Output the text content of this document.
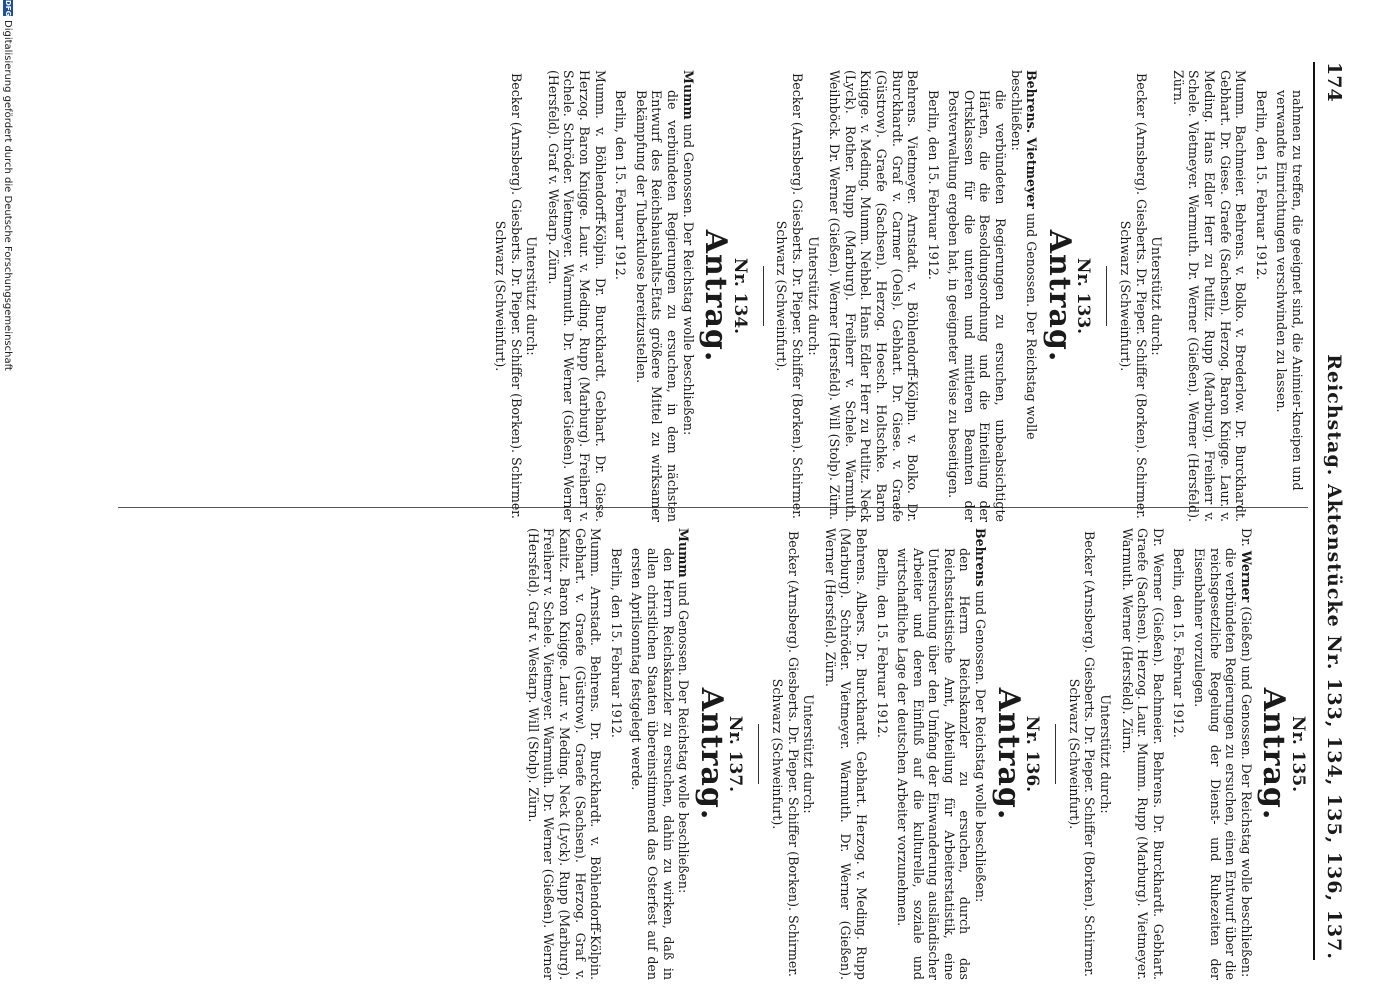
174
Reichstag. Aktenstücke Nr. 133, 134, 135, 136, 137.

nahmen zu treffen, die geeignet sind, die Animier-kneipen und verwandte Einrichtungen verschwinden zu lassen.

Berlin, den 15. Februar 1912.

Mumm. Bachmeier. Behrens. v. Bolko. v. Brederlow. Dr. Burckhardt. Gebhart. Dr. Giese. Graefe (Sachsen). Herzog. Baron Knigge. Laur. v. Meding. Hans Edler Herr zu Putlitz. Rupp (Marburg). Freiherr v. Schele. Vietmeyer. Warmuth. Dr. Werner (Gießen). Werner (Hersfeld). Zürn.

Unterstützt durch:

Becker (Arnsberg). Giesberts. Dr. Pieper. Schiffer (Borken). Schirmer. Schwarz (Schweinfurt).

Nr. 133.

Antrag.

Behrens. Vietmeyer und Genossen. Der Reichstag wolle beschließen:

die verbündeten Regierungen zu ersuchen, unbeabsichtigte Härten, die die Besoldungsordnung und die Einteilung der Ortsklassen für die unteren und mittleren Beamten der Postverwaltung ergeben hat, in geeigneter Weise zu beseitigen.

Berlin, den 15. Februar 1912.

Behrens. Vietmeyer. Arnstadt. v. Böhlendorff-Kölpin. v. Bolko. Dr. Burckhardt. Graf v. Carmer (Oels). Gebhart. Dr. Giese. v. Graefe (Güstrow). Graefe (Sachsen). Herzog. Hoesch. Holtschke. Baron Knigge. v. Meding. Mumm. Nehbel. Hans Edler Herr zu Putlitz. Neck (Lyck). Rother. Rupp (Marburg). Freiherr v. Schele. Warmuth. Weilnböck. Dr. Werner (Gießen). Werner (Hersfeld). Will (Stolp). Zürn.

Unterstützt durch:

Becker (Arnsberg). Giesberts. Dr. Pieper. Schiffer (Borken). Schirmer. Schwarz (Schweinfurt).

Nr. 134.

Antrag.

Mumm und Genossen. Der Reichstag wolle beschließen:

die verbündeten Regierungen zu ersuchen, in dem nächsten Entwurf des Reichshaushalts-Etats größere Mittel zu wirksamer Bekämpfung der Tuberkulose bereitzustellen.

Berlin, den 15. Februar 1912.

Mumm. v. Böhlendorff-Kölpin. Dr. Burckhardt. Gebhart. Dr. Giese. Herzog. Baron Knigge. Laur. v. Meding. Rupp (Marburg). Freiherr v. Schele. Schröder. Vietmeyer. Warmuth. Dr. Werner (Gießen). Werner (Hersfeld). Graf v. Westarp. Zürn.

Unterstützt durch:

Becker (Arnsberg). Giesberts. Dr. Pieper. Schiffer (Borken). Schirmer. Schwarz (Schweinfurt).

Nr. 135.

Antrag.

Dr. Werner (Gießen) und Genossen. Der Reichstag wolle beschließen:

die verbündeten Regierungen zu ersuchen, einen Entwurf über die reichsgesetzliche Regelung der Dienst- und Ruhezeiten der Eisenbahner vorzulegen.

Berlin, den 15. Februar 1912.

Dr. Werner (Gießen). Bachmeier. Behrens. Dr. Burckhardt. Gebhart. Graefe (Sachsen). Herzog. Laur. Mumm. Rupp (Marburg). Vietmeyer. Warmuth. Werner (Hersfeld). Zürn.

Unterstützt durch:

Becker (Arnsberg). Giesberts. Dr. Pieper. Schiffer (Borken). Schirmer. Schwarz (Schweinfurt).

Nr. 136.

Antrag.

Behrens und Genossen. Der Reichstag wolle beschließen:

den Herrn Reichskanzler zu ersuchen, durch das Reichsstatistische Amt, Abteilung für Arbeiterstatistik, eine Untersuchung über den Umfang der Einwanderung ausländischer Arbeiter und deren Einfluß auf die kulturelle, soziale und wirtschaftliche Lage der deutschen Arbeiter vorzunehmen.

Berlin, den 15. Februar 1912.

Behrens. Albers. Dr. Burckhardt. Gebhart. Herzog. v. Meding. Rupp (Marburg). Schröder. Vietmeyer. Warmuth. Dr. Werner (Gießen). Werner (Hersfeld). Zürn.

Unterstützt durch:

Becker (Arnsberg). Giesberts. Dr. Pieper. Schiffer (Borken). Schirmer. Schwarz (Schweinfurt).

Nr. 137.

Antrag.

Mumm und Genossen. Der Reichstag wolle beschließen:

den Herrn Reichskanzler zu ersuchen, dahin zu wirken, daß in allen christlichen Staaten übereinstimmend das Osterfest auf den ersten Aprilsonntag festgelegt werde.

Berlin, den 15. Februar 1912.

Mumm. Arnstadt. Behrens. Dr. Burckhardt. v. Böhlendorff-Kölpin. Gebhart. v. Graefe (Güstrow). Graefe (Sachsen). Herzog. Graf v. Kanitz. Baron Knigge. Laur. v. Meding. Neck (Lyck). Rupp (Marburg). Freiherr v. Schele. Vietmeyer. Warmuth. Dr. Werner (Gießen). Werner (Hersfeld). Graf v. Westarp. Will (Stolp). Zürn.

DFG
Digitalisierung gefördert durch die Deutsche Forschungsgemeinschaft
